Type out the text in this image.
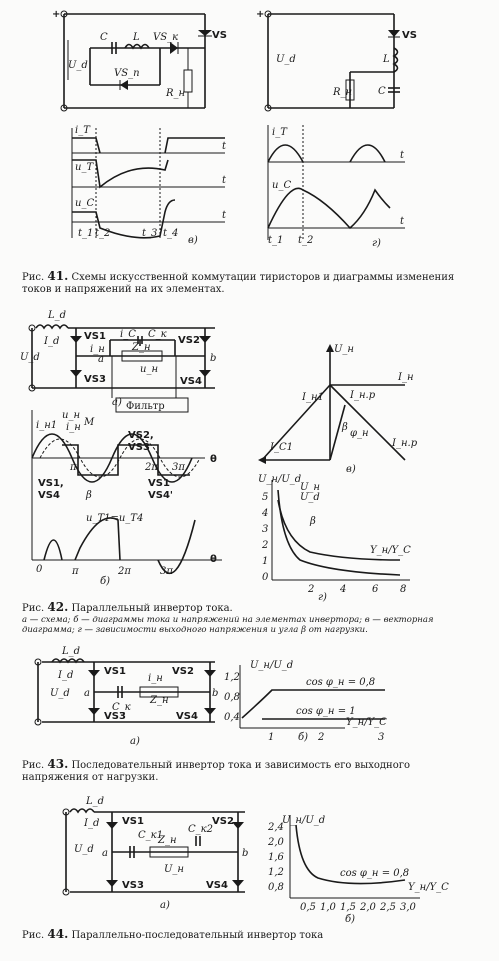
+
U_d
C	L VS_к	VS
VS_п
R_н
i_T
u_T
u_C
t
t
t
t_1 t_2	t_3 t_4
в)
+
U_d
VS
L
R_н	C
i_T
u_C
t
t
t_1 t_2	г)
L_d
I_d
U_d
VS1	VS2
VS3	VS4
i_н
i_C C_к
Z_н
u_н
a	b
Фильтр
а)
u_н
i_н1 i_н M
VS2,
VS3
VS1,
VS4
VS1
VS4'
u_T1=u_T4
β
θ
θ
0
π	2π 3π
π	2π	3π
б)
U_н
I_н
I_н1	I_н.р
β
φ_н
I_C1	I_н.р
в)
U_н/U_d
β
U_н
U_d
Y_н/Y_C
г)
5
4
3
2
1
0
2	4	6 8
L_d
I_d
U_d
VS1	VS2
VS3	VS4
i_н
Z_н
C_к
a	b
а)
U_н/U_d
Y_н/Y_C
1,2
0,8
0,4
1	2	3
cos φ_н = 0,8
cos φ_н = 1
б)
L_d
I_d
U_d
VS1	VS2
VS3	VS4
C_к1
C_к2
Z_н
U_н
a	b
а)
U_н/U_d
Y_н/Y_C
2,4
2,0
1,6
1,2
0,8
0,5 1,0 1,5 2,0 2,5 3,0
cos φ_н = 0,8
б)
Рис. 41. Схемы искусственной коммутации тиристоров и диаграммы изменения токов и напряжений на их элементах.
Рис. 42. Параллельный инвертор тока.
а — схема; б — диаграммы тока и напряжений на элементах инвертора; в — векторная диаграмма; г — зависимости выходного напряжения и угла β от нагрузки.
Рис. 43. Последовательный инвертор тока и зависимость его выходного напряжения от нагрузки.
Рис. 44. Параллельно-последовательный инвертор тока
